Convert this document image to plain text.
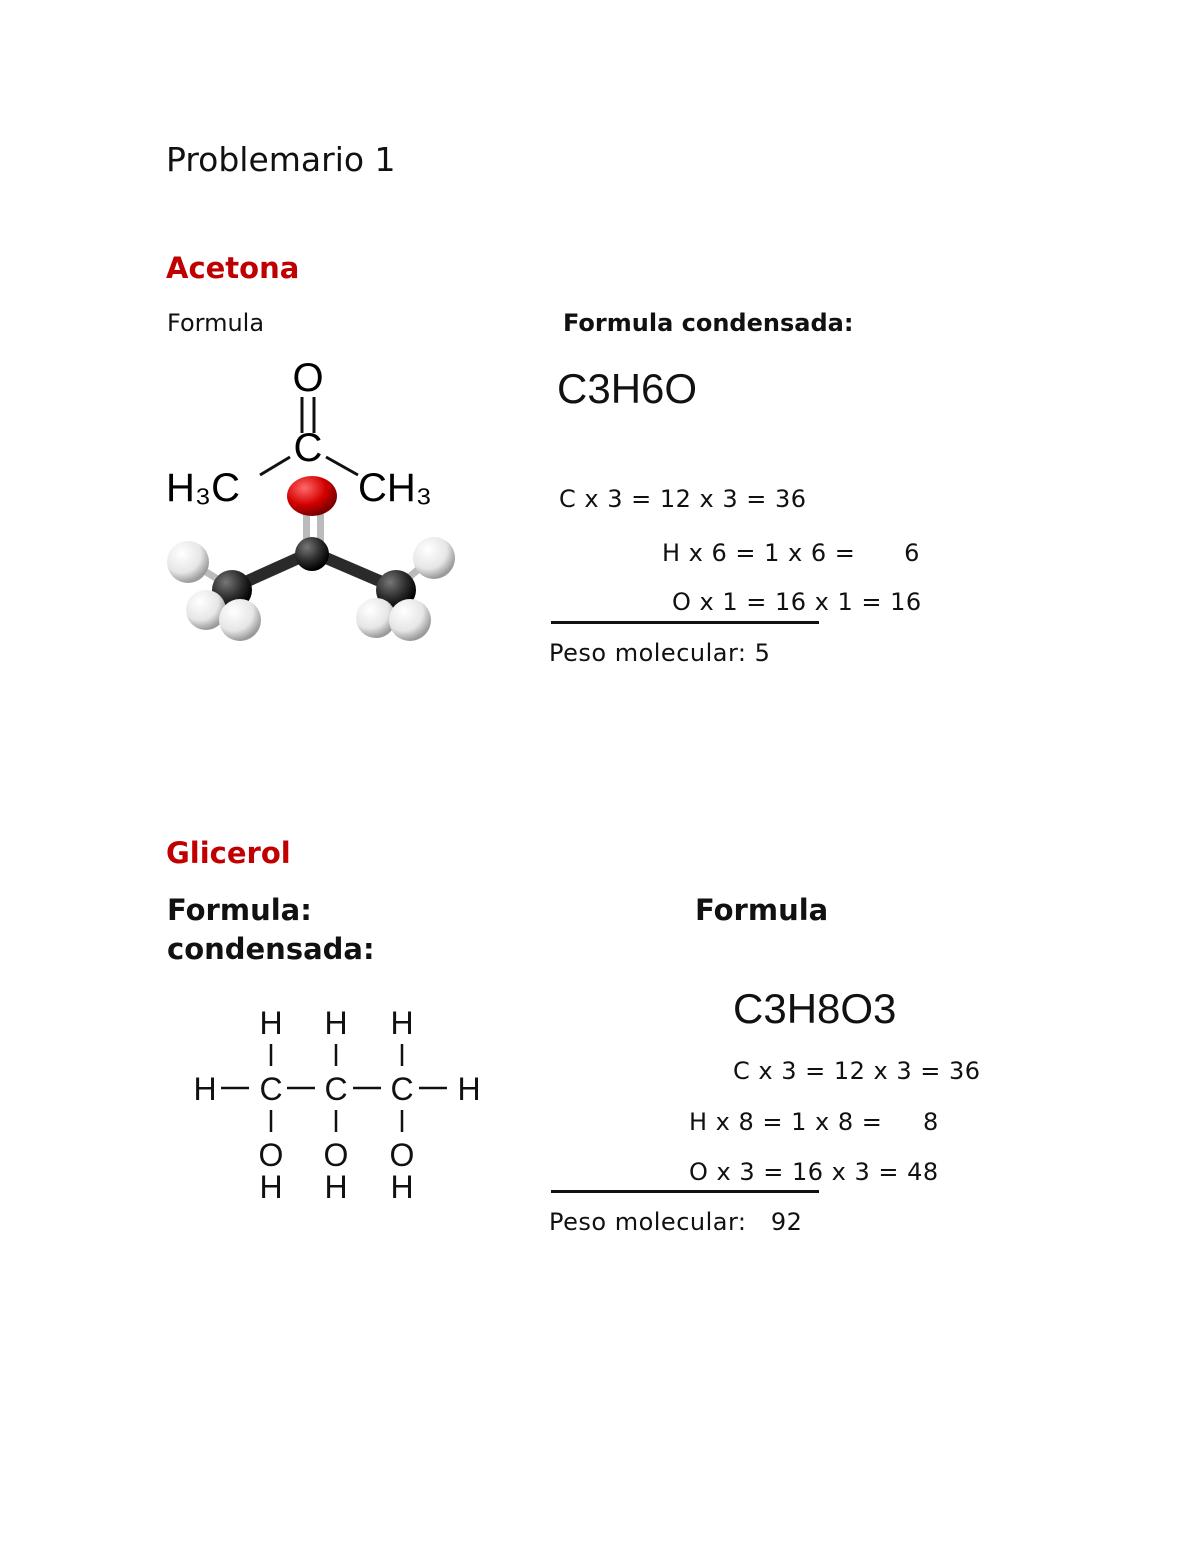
Problemario 1
Acetona
Formula	Formula condensada:
O
C
H₃C	CH₃
C3H6O
C x 3 = 12 x 3 = 36
H x 6 = 1 x 6 =      6
O x 1 = 16 x 1 = 16
Peso molecular: 5
Glicerol
Formula:
condensada:
Formula
H H H
H C C C H
O O O
H H H
C3H8O3
C x 3 = 12 x 3 = 36
H x 8 = 1 x 8 =     8
O x 3 = 16 x 3 = 48
Peso molecular:   92
